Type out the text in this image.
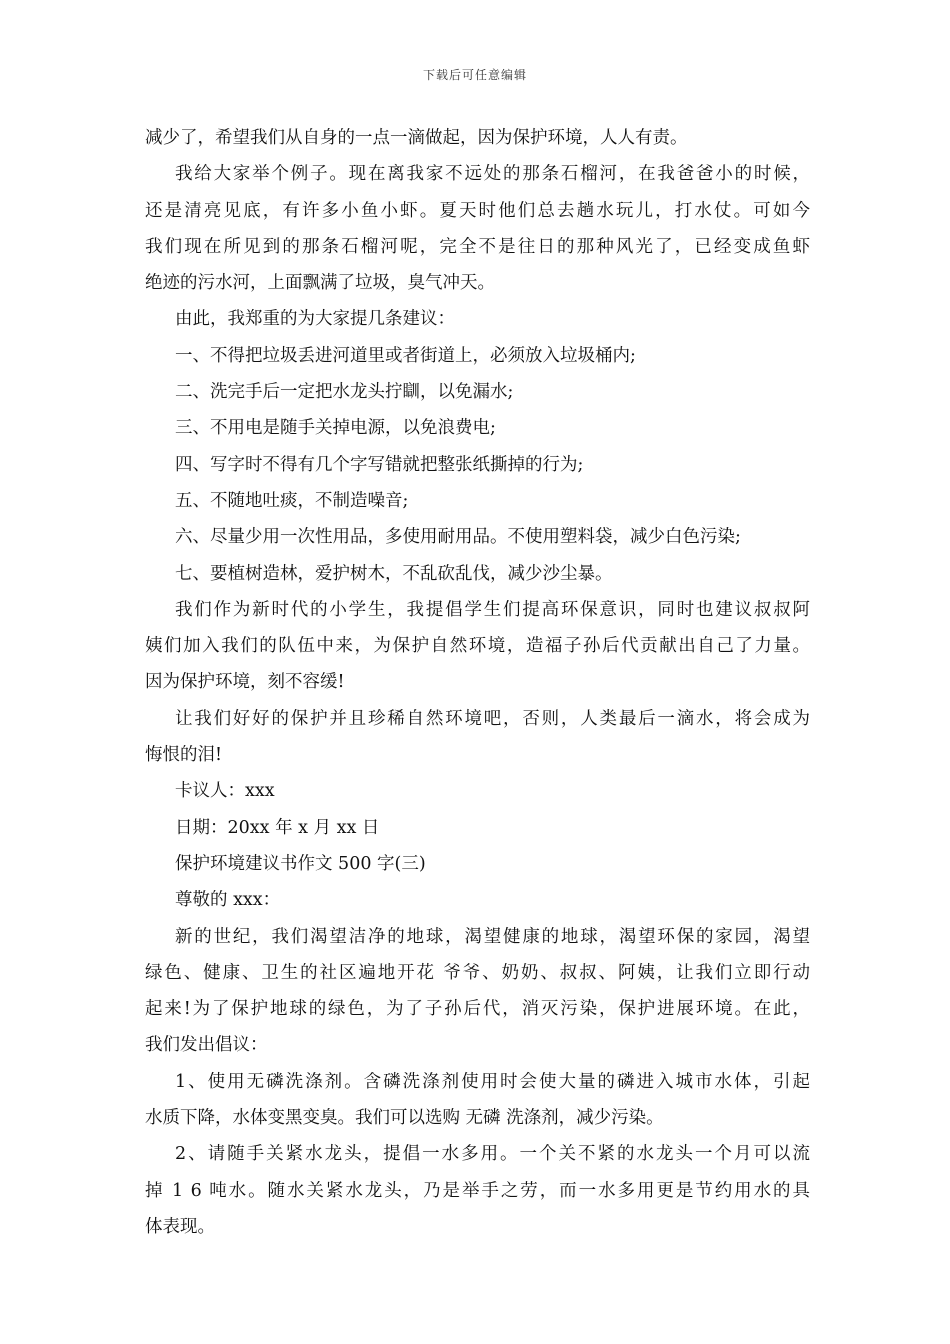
下载后可任意编辑
减少了，希望我们从自身的一点一滴做起，因为保护环境，人人有责。
我给大家举个例子。现在离我家不远处的那条石榴河，在我爸爸小的时候，
还是清亮见底，有许多小鱼小虾。夏天时他们总去趟水玩儿，打水仗。可如今
我们现在所见到的那条石榴河呢，完全不是往日的那种风光了，已经变成鱼虾
绝迹的污水河，上面飘满了垃圾，臭气冲天。
由此，我郑重的为大家提几条建议：
一、不得把垃圾丢进河道里或者街道上，必须放入垃圾桶内;
二、洗完手后一定把水龙头拧瞓，以免漏水;
三、不用电是随手关掉电源，以免浪费电;
四、写字时不得有几个字写错就把整张纸撕掉的行为;
五、不随地吐痰，不制造噪音;
六、尽量少用一次性用品，多使用耐用品。不使用塑料袋，减少白色污染;
七、要植树造林，爱护树木，不乱砍乱伐，减少沙尘暴。
我们作为新时代的小学生，我提倡学生们提高环保意识，同时也建议叔叔阿
姨们加入我们的队伍中来，为保护自然环境，造福子孙后代贡献出自己了力量。
因为保护环境，刻不容缓!
让我们好好的保护并且珍稀自然环境吧，否则，人类最后一滴水，将会成为
悔恨的泪!
卡议人：xxx
日期：20xx 年 x 月 xx 日
保护环境建议书作文 500 字(三)
尊敬的 xxx：
新的世纪，我们渴望洁净的地球，渴望健康的地球，渴望环保的家园，渴望
绿色、健康、卫生的社区遍地开花 爷爷、奶奶、叔叔、阿姨，让我们立即行动
起来!为了保护地球的绿色，为了子孙后代，消灭污染，保护进展环境。在此，
我们发出倡议：
1、使用无磷洗涤剂。含磷洗涤剂使用时会使大量的磷进入城市水体，引起
水质下降，水体变黑变臭。我们可以选购 无磷 洗涤剂，减少污染。
2、请随手关紧水龙头，提倡一水多用。一个关不紧的水龙头一个月可以流
掉 1 6 吨水。随水关紧水龙头，乃是举手之劳，而一水多用更是节约用水的具
体表现。
